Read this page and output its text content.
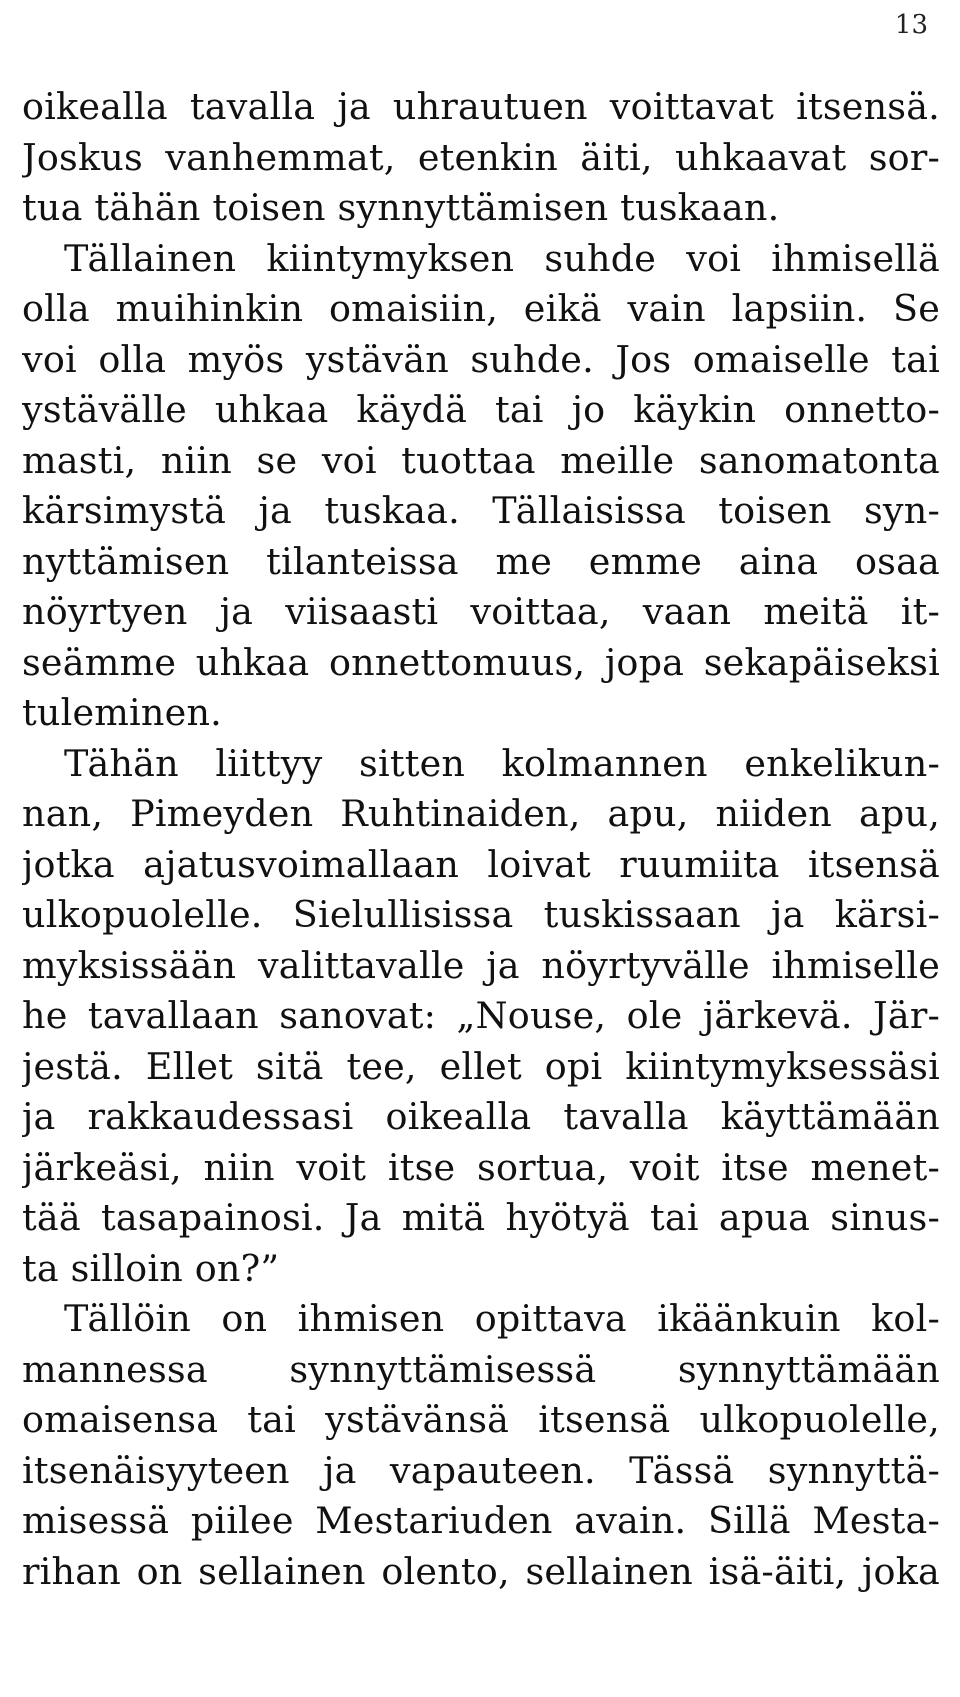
13
oikealla tavalla ja uhrautuen voittavat itsensä.
Joskus vanhemmat, etenkin äiti, uhkaavat sor-
tua tähän toisen synnyttämisen tuskaan.
Tällainen kiintymyksen suhde voi ihmisellä
olla muihinkin omaisiin, eikä vain lapsiin. Se
voi olla myös ystävän suhde. Jos omaiselle tai
ystävälle uhkaa käydä tai jo käykin onnetto-
masti, niin se voi tuottaa meille sanomatonta
kärsimystä ja tuskaa. Tällaisissa toisen syn-
nyttämisen tilanteissa me emme aina osaa
nöyrtyen ja viisaasti voittaa, vaan meitä it-
seämme uhkaa onnettomuus, jopa sekapäiseksi
tuleminen.
Tähän liittyy sitten kolmannen enkelikun-
nan, Pimeyden Ruhtinaiden, apu, niiden apu,
jotka ajatusvoimallaan loivat ruumiita itsensä
ulkopuolelle. Sielullisissa tuskissaan ja kärsi-
myksissään valittavalle ja nöyrtyvälle ihmiselle
he tavallaan sanovat: „Nouse, ole järkevä. Jär-
jestä. Ellet sitä tee, ellet opi kiintymyksessäsi
ja rakkaudessasi oikealla tavalla käyttämään
järkeäsi, niin voit itse sortua, voit itse menet-
tää tasapainosi. Ja mitä hyötyä tai apua sinus-
ta silloin on?”
Tällöin on ihmisen opittava ikäänkuin kol-
mannessa synnyttämisessä synnyttämään
omaisensa tai ystävänsä itsensä ulkopuolelle,
itsenäisyyteen ja vapauteen. Tässä synnyttä-
misessä piilee Mestariuden avain. Sillä Mesta-
rihan on sellainen olento, sellainen isä-äiti, joka
